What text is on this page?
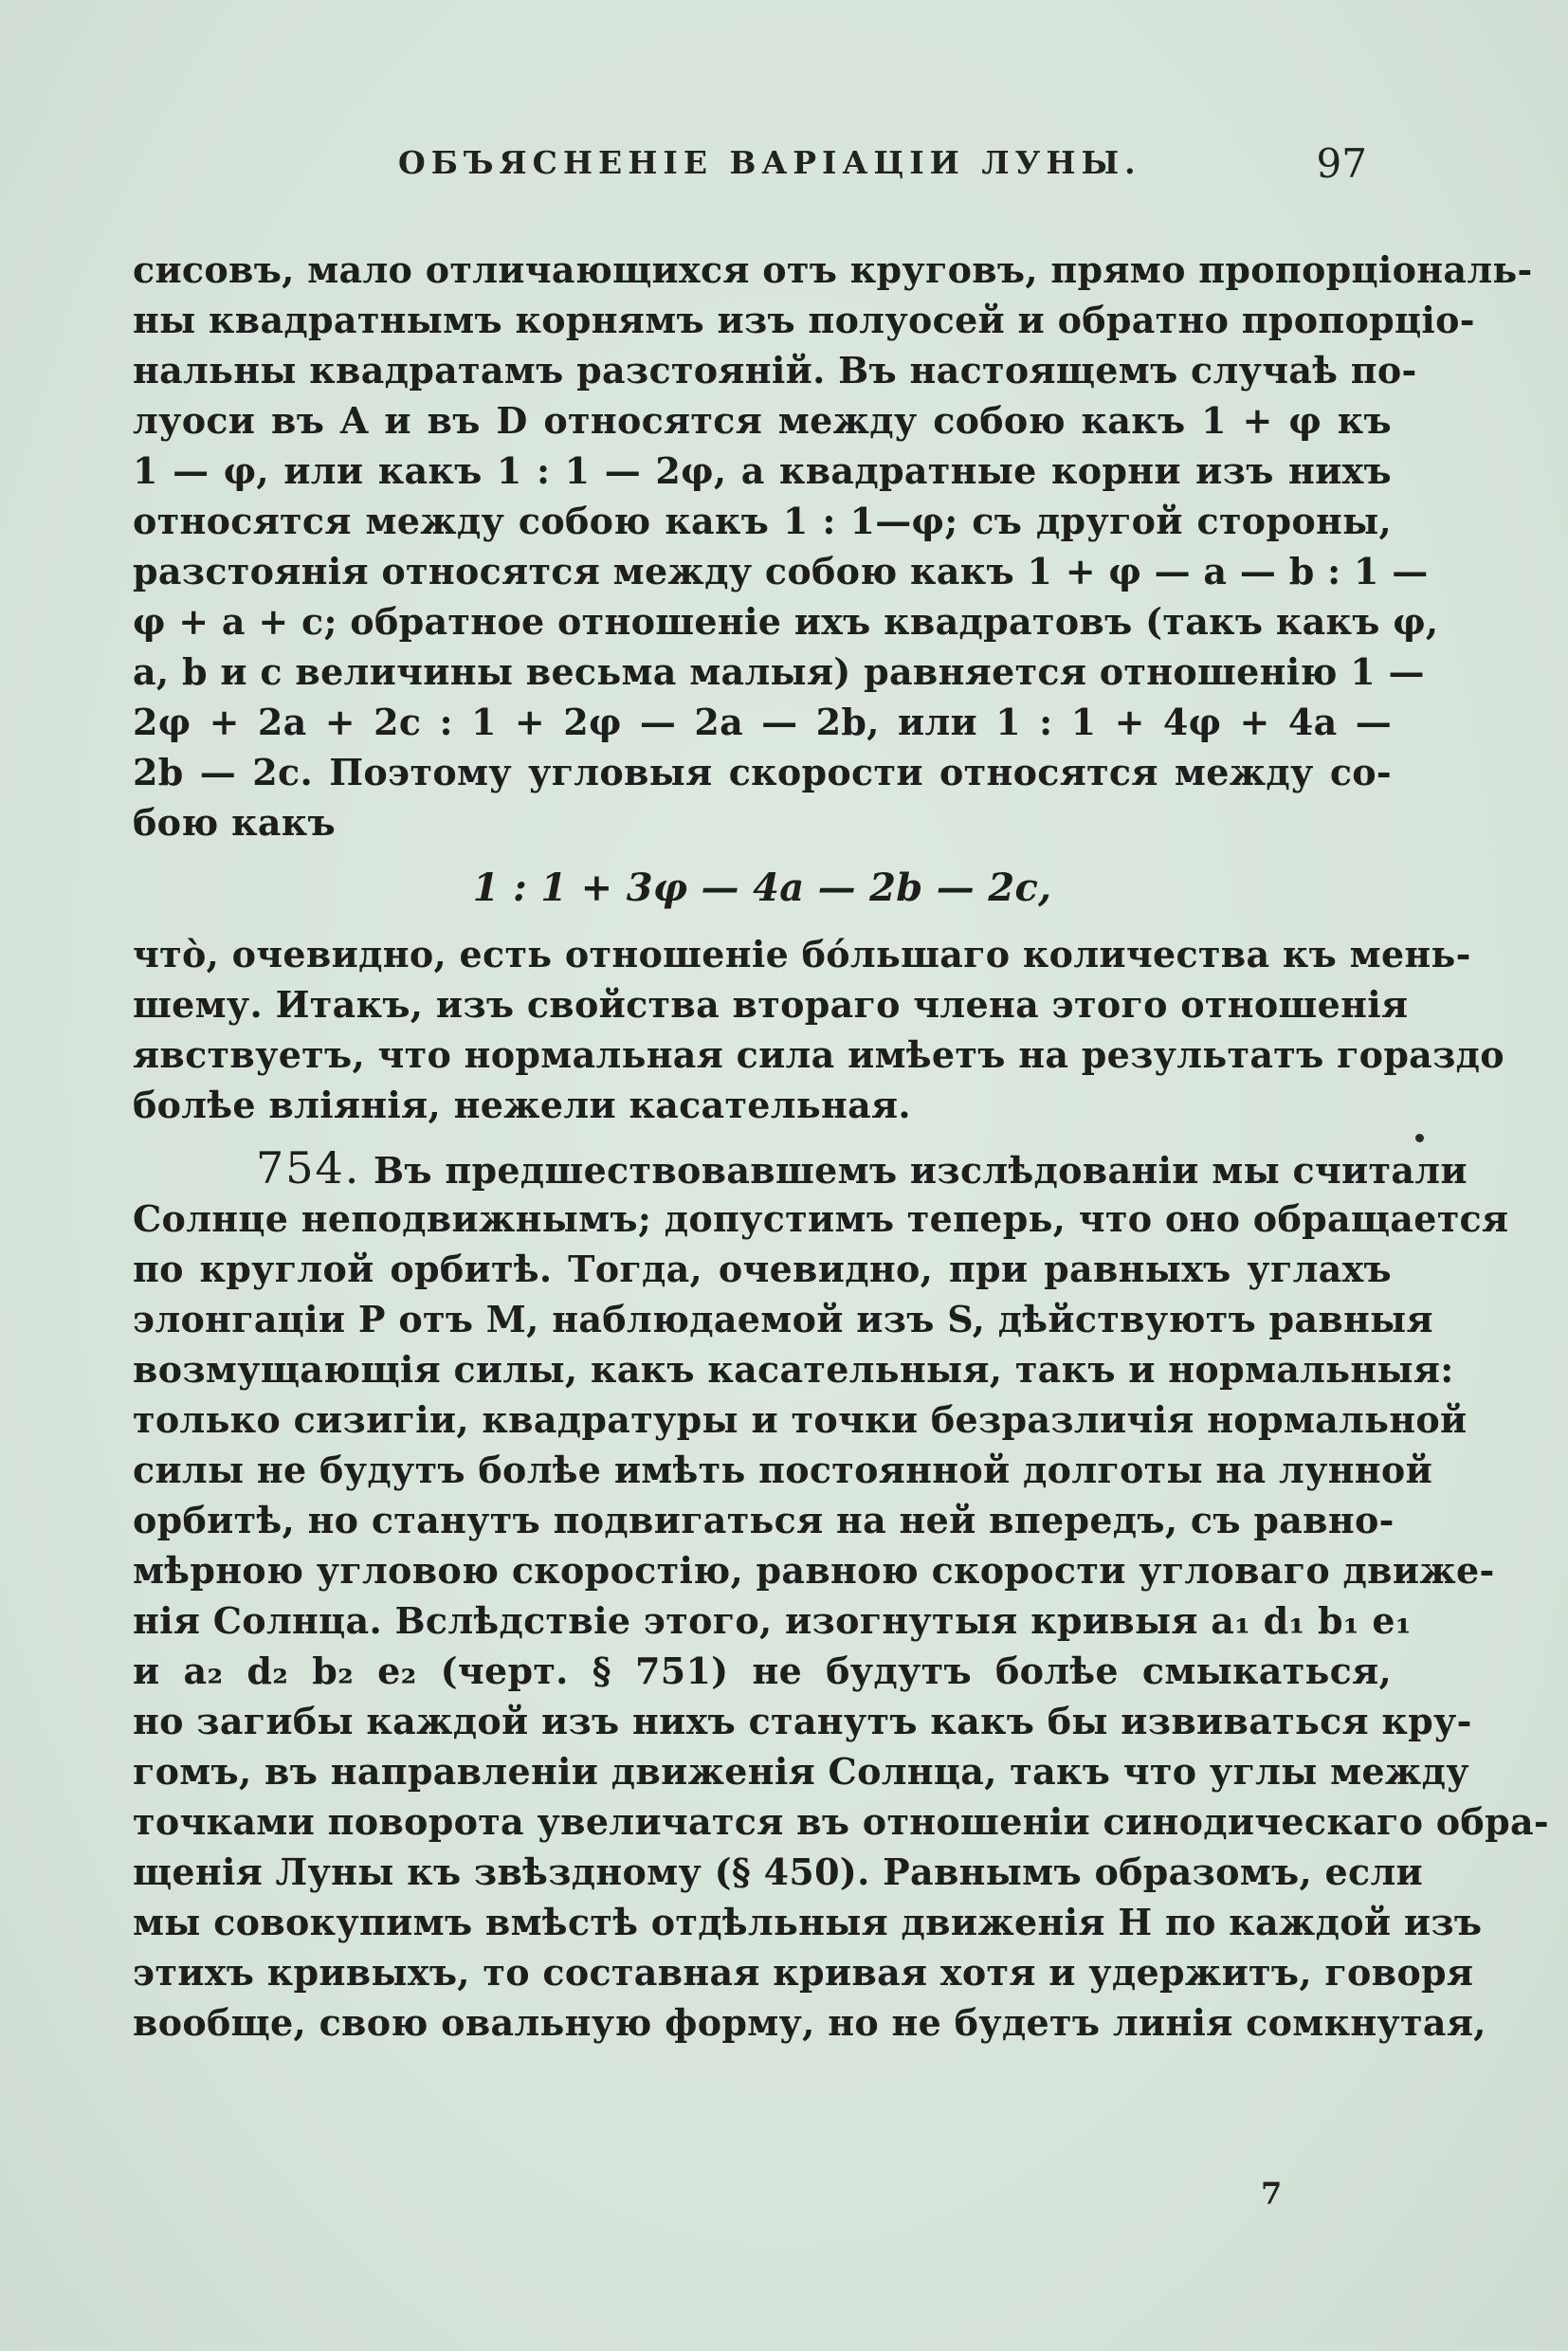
ОБЪЯСНЕНІЕ ВАРІАЦІИ ЛУНЫ.	97
сисовъ, мало отличающихся отъ круговъ, прямо пропорціональ-
ны квадратнымъ корнямъ изъ полуосей и обратно пропорціо-
нальны квадратамъ разстояній. Въ настоящемъ случаѣ по-
луоси въ A и въ D относятся между собою какъ 1 + φ къ
1 — φ, или какъ 1 : 1 — 2φ, а квадратные корни изъ нихъ
относятся между собою какъ 1 : 1—φ; съ другой стороны,
разстоянія относятся между собою какъ 1 + φ — a — b : 1 —
φ + a + c; обратное отношеніе ихъ квадратовъ (такъ какъ φ,
a, b и c величины весьма малыя) равняется отношенію 1 —
2φ + 2a + 2c : 1 + 2φ — 2a — 2b, или 1 : 1 + 4φ + 4a —
2b — 2c. Поэтому угловыя скорости относятся между со-
бою какъ
1 : 1 + 3φ — 4a — 2b — 2c,
что̀, очевидно, есть отношеніе бо́льшаго количества къ мень-
шему. Итакъ, изъ свойства втораго члена этого отношенія
явствуетъ, что нормальная сила имѣетъ на результатъ гораздо
болѣе вліянія, нежели касательная.
754. Въ предшествовавшемъ изслѣдованіи мы считали
Солнце неподвижнымъ; допустимъ теперь, что оно обращается
по круглой орбитѣ. Тогда, очевидно, при равныхъ углахъ
элонгаціи P отъ M, наблюдаемой изъ S, дѣйствуютъ равныя
возмущающія силы, какъ касательныя, такъ и нормальныя:
только сизигіи, квадратуры и точки безразличія нормальной
силы не будутъ болѣе имѣть постоянной долготы на лунной
орбитѣ, но станутъ подвигаться на ней впередъ, съ равно-
мѣрною угловою скоростію, равною скорости угловаго движе-
нія Солнца. Вслѣдствіе этого, изогнутыя кривыя a₁ d₁ b₁ e₁
и a₂ d₂ b₂ e₂ (черт. § 751) не будутъ болѣе смыкаться,
но загибы каждой изъ нихъ станутъ какъ бы извиваться кру-
гомъ, въ направленіи движенія Солнца, такъ что углы между
точками поворота увеличатся въ отношеніи синодическаго обра-
щенія Луны къ звѣздному (§ 450). Равнымъ образомъ, если
мы совокупимъ вмѣстѣ отдѣльныя движенія H по каждой изъ
этихъ кривыхъ, то составная кривая хотя и удержитъ, говоря
вообще, свою овальную форму, но не будетъ линія сомкнутая,
7
